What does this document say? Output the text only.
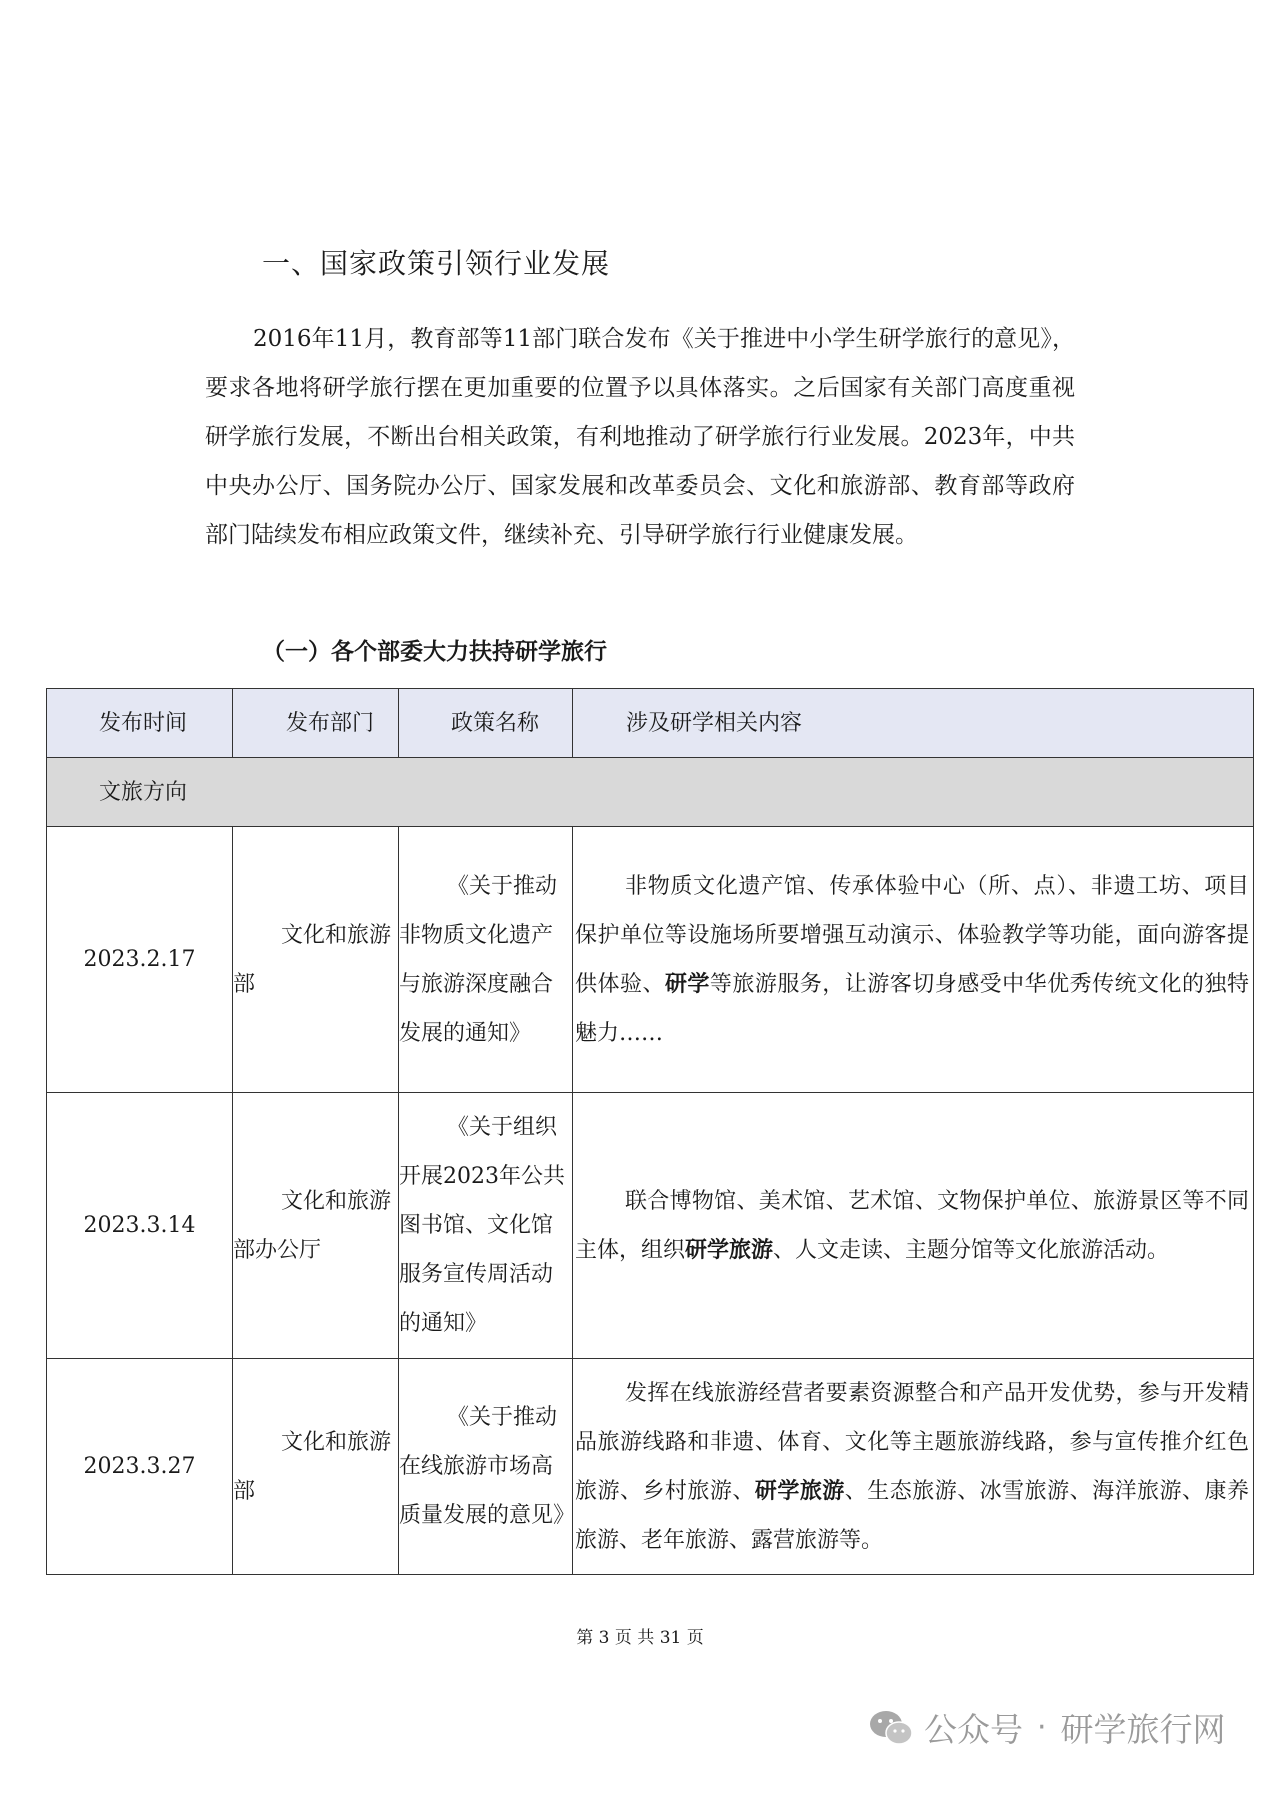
一、国家政策引领行业发展

2016年11月，教育部等11部门联合发布《关于推进中小学生研学旅行的意见》，要求各地将研学旅行摆在更加重要的位置予以具体落实。之后国家有关部门高度重视研学旅行发展，不断出台相关政策，有利地推动了研学旅行行业发展。2023年，中共中央办公厅、国务院办公厅、国家发展和改革委员会、文化和旅游部、教育部等政府部门陆续发布相应政策文件，继续补充、引导研学旅行行业健康发展。

（一）各个部委大力扶持研学旅行
发布时间	发布部门	政策名称	涉及研学相关内容
文旅方向			
2023.2.17	文化和旅游部	《关于推动非物质文化遗产与旅游深度融合发展的通知》	非物质文化遗产馆、传承体验中心（所、点）、非遗工坊、项目保护单位等设施场所要增强互动演示、体验教学等功能，面向游客提供体验、研学等旅游服务，让游客切身感受中华优秀传统文化的独特魅力……
2023.3.14	文化和旅游部办公厅	《关于组织开展2023年公共图书馆、文化馆服务宣传周活动的通知》	联合博物馆、美术馆、艺术馆、文物保护单位、旅游景区等不同主体，组织研学旅游、人文走读、主题分馆等文化旅游活动。
2023.3.27	文化和旅游部	《关于推动在线旅游市场高质量发展的意见》	发挥在线旅游经营者要素资源整合和产品开发优势，参与开发精品旅游线路和非遗、体育、文化等主题旅游线路，参与宣传推介红色旅游、乡村旅游、研学旅游、生态旅游、冰雪旅游、海洋旅游、康养旅游、老年旅游、露营旅游等。
第 3 页 共 31 页
公众号 · 研学旅行网
